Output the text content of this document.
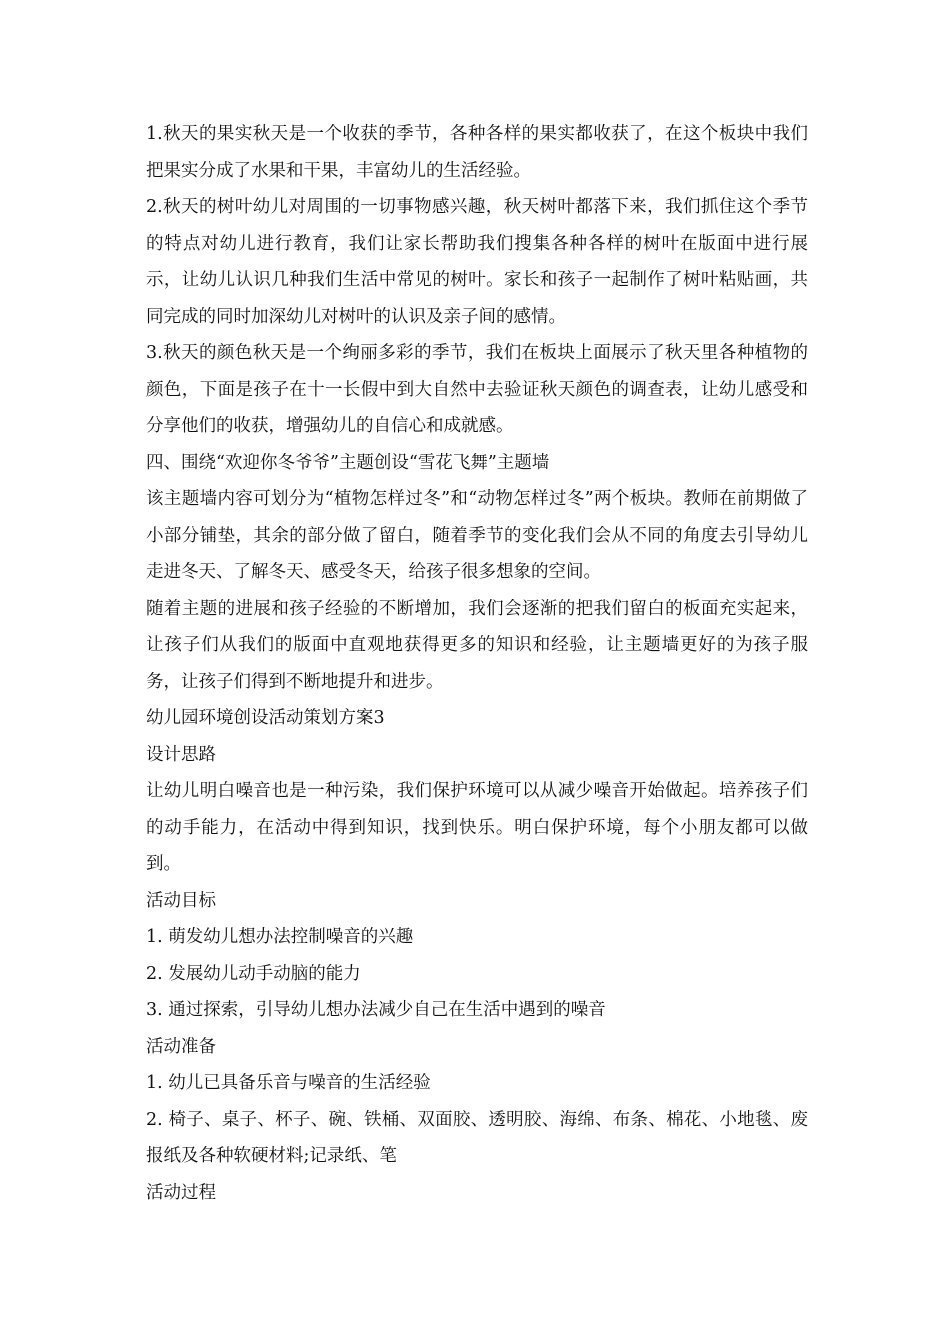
1.秋天的果实秋天是一个收获的季节，各种各样的果实都收获了，在这个板块中我们把果实分成了水果和干果，丰富幼儿的生活经验。

2.秋天的树叶幼儿对周围的一切事物感兴趣，秋天树叶都落下来，我们抓住这个季节的特点对幼儿进行教育，我们让家长帮助我们搜集各种各样的树叶在版面中进行展示，让幼儿认识几种我们生活中常见的树叶。家长和孩子一起制作了树叶粘贴画，共同完成的同时加深幼儿对树叶的认识及亲子间的感情。

3.秋天的颜色秋天是一个绚丽多彩的季节，我们在板块上面展示了秋天里各种植物的颜色，下面是孩子在十一长假中到大自然中去验证秋天颜色的调查表，让幼儿感受和分享他们的收获，增强幼儿的自信心和成就感。

四、围绕“欢迎你冬爷爷”主题创设“雪花飞舞”主题墙

该主题墙内容可划分为“植物怎样过冬”和“动物怎样过冬”两个板块。教师在前期做了小部分铺垫，其余的部分做了留白，随着季节的变化我们会从不同的角度去引导幼儿走进冬天、了解冬天、感受冬天，给孩子很多想象的空间。

随着主题的进展和孩子经验的不断增加，我们会逐渐的把我们留白的板面充实起来，让孩子们从我们的版面中直观地获得更多的知识和经验，让主题墙更好的为孩子服务，让孩子们得到不断地提升和进步。

幼儿园环境创设活动策划方案3

设计思路

让幼儿明白噪音也是一种污染，我们保护环境可以从减少噪音开始做起。培养孩子们的动手能力，在活动中得到知识，找到快乐。明白保护环境，每个小朋友都可以做到。

活动目标

1. 萌发幼儿想办法控制噪音的兴趣

2. 发展幼儿动手动脑的能力

3. 通过探索，引导幼儿想办法减少自己在生活中遇到的噪音

活动准备

1. 幼儿已具备乐音与噪音的生活经验

2. 椅子、桌子、杯子、碗、铁桶、双面胶、透明胶、海绵、布条、棉花、小地毯、废报纸及各种软硬材料;记录纸、笔

活动过程
